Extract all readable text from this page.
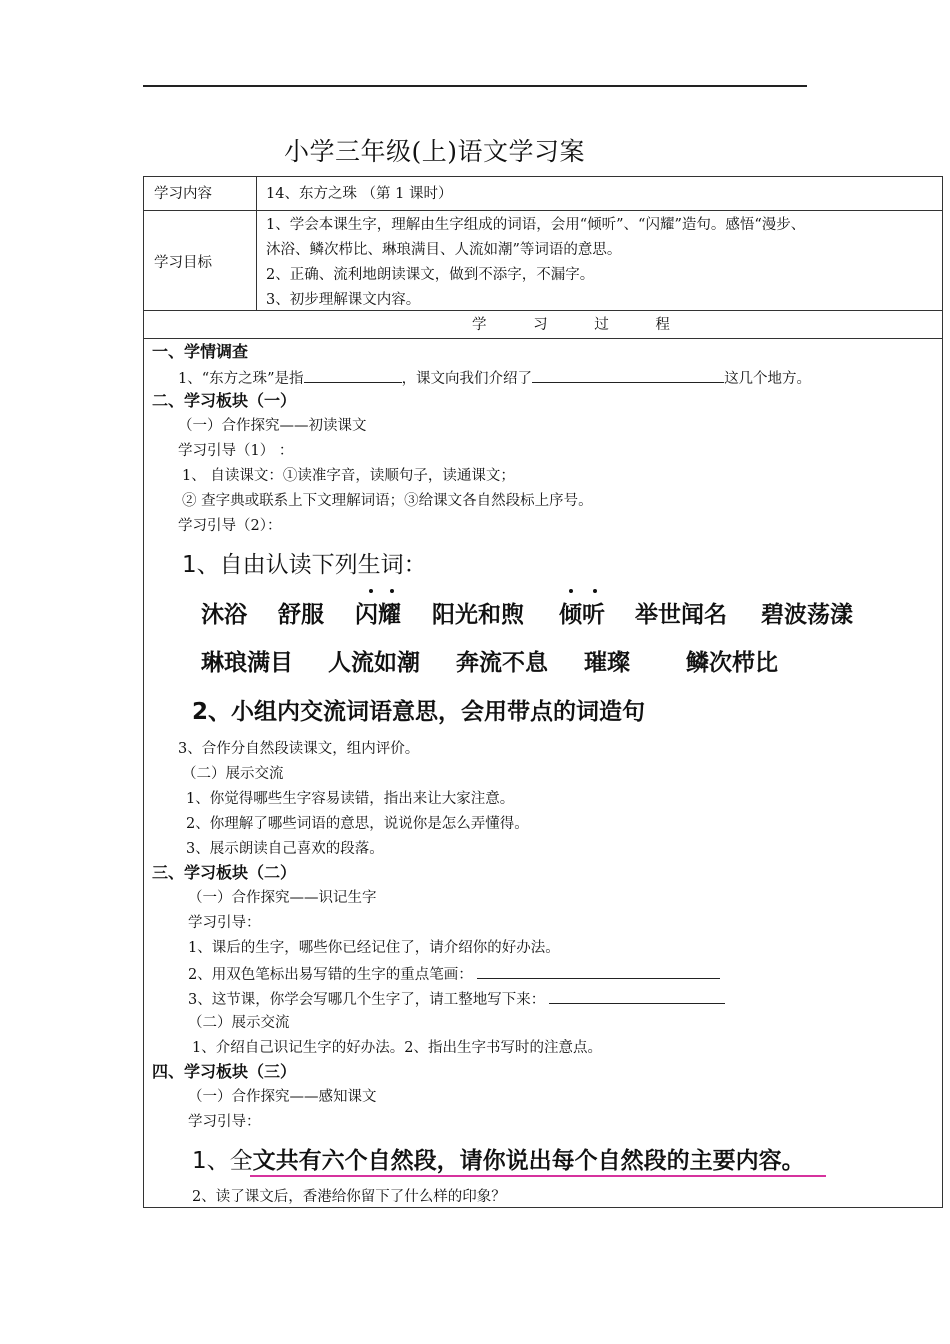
小学三年级(上)语文学习案
学习内容	14、东方之珠 （第 1 课时）
学习目标
1、学会本课生字，理解由生字组成的词语，会用“倾听”、“闪耀”造句。感悟“漫步、
沐浴、鳞次栉比、琳琅满目、人流如潮”等词语的意思。
2、正确、流利地朗读课文，做到不添字，不漏字。
3、初步理解课文内容。
学 习 过 程
一、学情调查
1、“东方之珠”是指	，课文向我们介绍了	这几个地方。
二、学习板块（一）
（一）合作探究——初读课文
学习引导（1） ：
1、 自读课文：①读准字音，读顺句子，读通课文；
② 查字典或联系上下文理解词语；③给课文各自然段标上序号。
学习引导（2）：
1、自由认读下列生词：
沐浴 舒服 闪耀 阳光和煦 倾听 举世闻名 碧波荡漾
琳琅满目 人流如潮 奔流不息 璀璨 鳞次栉比
2、小组内交流词语意思，会用带点的词造句
3、合作分自然段读课文，组内评价。
（二）展示交流
1、你觉得哪些生字容易读错，指出来让大家注意。
2、你理解了哪些词语的意思，说说你是怎么弄懂得。
3、展示朗读自己喜欢的段落。
三、学习板块（二）
（一）合作探究——识记生字
学习引导：
1、课后的生字，哪些你已经记住了，请介绍你的好办法。
2、用双色笔标出易写错的生字的重点笔画：
3、这节课，你学会写哪几个生字了，请工整地写下来：
（二）展示交流
1、介绍自己识记生字的好办法。2、指出生字书写时的注意点。
四、学习板块（三）
（一）合作探究——感知课文
学习引导：
1、全文共有六个自然段，请你说出每个自然段的主要内容。
2、读了课文后，香港给你留下了什么样的印象？
